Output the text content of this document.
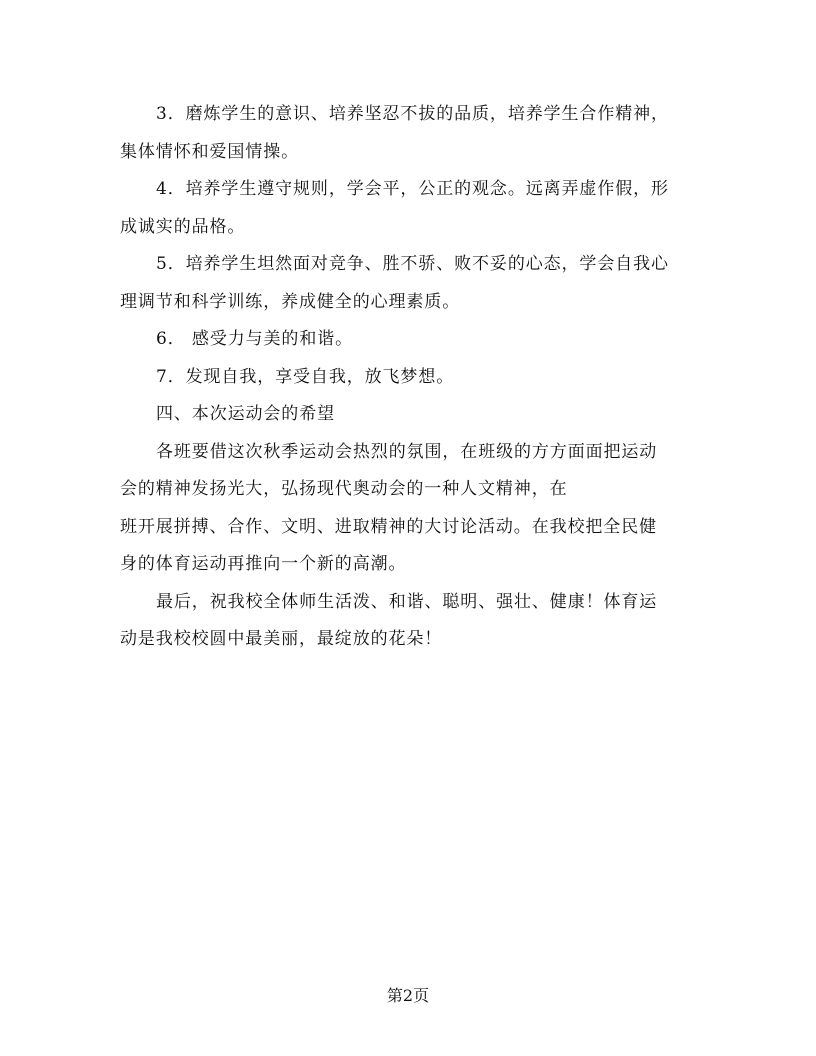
3．磨炼学生的意识、培养坚忍不拔的品质，培养学生合作精神，
集体情怀和爱国情操。
4．培养学生遵守规则，学会平，公正的观念。远离弄虚作假，形
成诚实的品格。
5．培养学生坦然面对竞争、胜不骄、败不妥的心态，学会自我心
理调节和科学训练，养成健全的心理素质。
6． 感受力与美的和谐。
7．发现自我，享受自我，放飞梦想。
四、本次运动会的希望
各班要借这次秋季运动会热烈的氛围，在班级的方方面面把运动
会的精神发扬光大，弘扬现代奥动会的一种人文精神，在
班开展拼搏、合作、文明、进取精神的大讨论活动。在我校把全民健
身的体育运动再推向一个新的高潮。
最后，祝我校全体师生活泼、和谐、聪明、强壮、健康！体育运
动是我校校圆中最美丽，最绽放的花朵！
第2页
